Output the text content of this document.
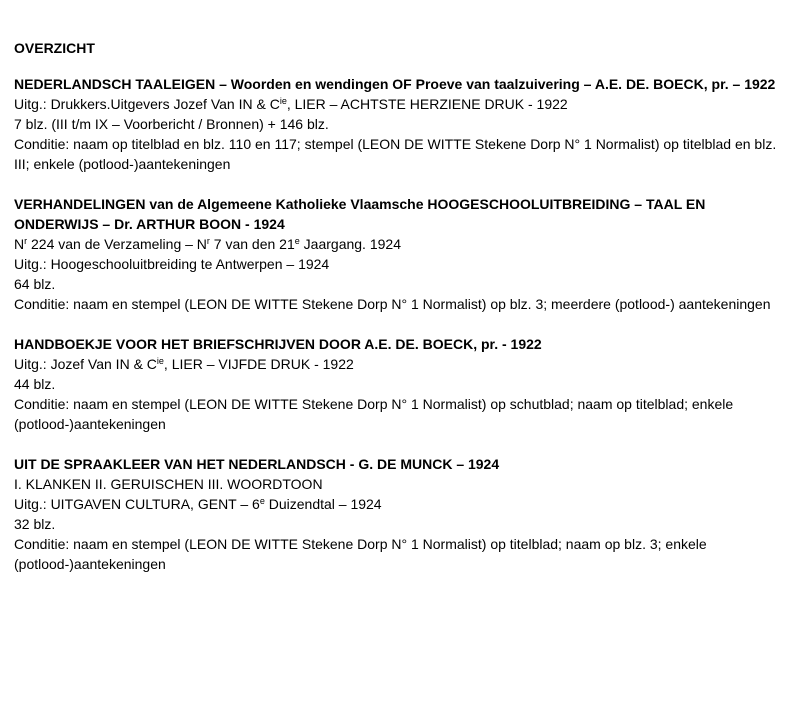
OVERZICHT
NEDERLANDSCH TAALEIGEN – Woorden en wendingen OF Proeve van taalzuivering – A.E. DE. BOECK, pr. – 1922
Uitg.: Drukkers.Uitgevers Jozef Van IN & $C^{ie}$, LIER – ACHTSTE HERZIENE DRUK - 1922
7 blz. (III t/m IX – Voorbericht / Bronnen) + 146 blz.
Conditie: naam op titelblad en blz. 110 en 117; stempel (LEON DE WITTE Stekene Dorp N° 1 Normalist) op titelblad en blz. III; enkele (potlood-)aantekeningen
VERHANDELINGEN van de Algemeene Katholieke Vlaamsche HOOGESCHOOLUITBREIDING – TAAL EN ONDERWIJS – Dr. ARTHUR BOON - 1924
$N^r$ 224 van de Verzameling – $N^r$ 7 van den 21e Jaargang. 1924
Uitg.: Hoogeschooluitbreiding te Antwerpen – 1924
64 blz.
Conditie: naam en stempel (LEON DE WITTE Stekene Dorp N° 1 Normalist) op blz. 3; meerdere (potlood-) aantekeningen
HANDBOEKJE VOOR HET BRIEFSCHRIJVEN DOOR A.E. DE. BOECK, pr. - 1922
Uitg.: Jozef Van IN & $C^{ie}$, LIER – VIJFDE DRUK - 1922
44 blz.
Conditie: naam en stempel (LEON DE WITTE Stekene Dorp N° 1 Normalist) op schutblad; naam op titelblad; enkele (potlood-)aantekeningen
UIT DE SPRAAKLEER VAN HET NEDERLANDSCH - G. DE MUNCK – 1924
I. KLANKEN II. GERUISCHEN III. WOORDTOON
Uitg.: UITGAVEN CULTURA, GENT – 6e Duizendtal – 1924
32 blz.
Conditie: naam en stempel (LEON DE WITTE Stekene Dorp N° 1 Normalist) op titelblad; naam op blz. 3; enkele (potlood-)aantekeningen
